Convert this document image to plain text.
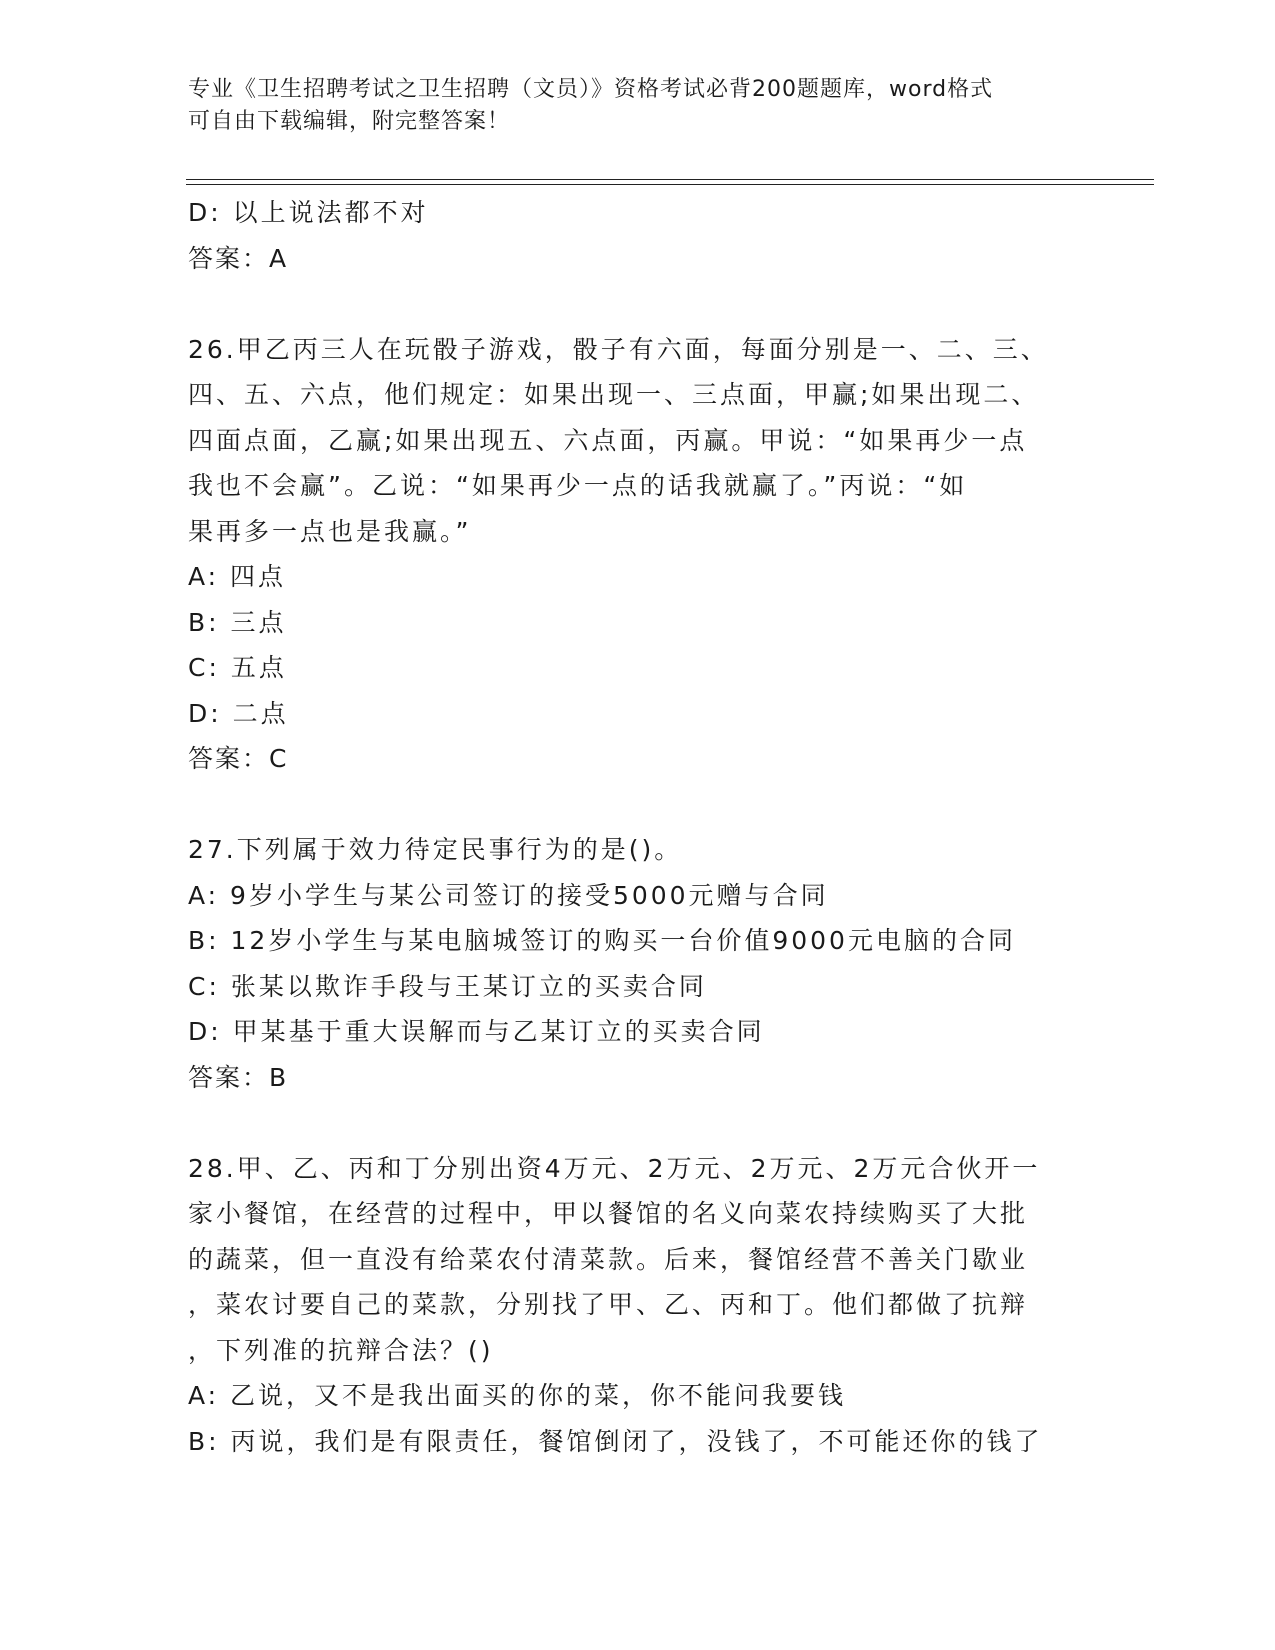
专业《卫生招聘考试之卫生招聘（文员）》资格考试必背200题题库，word格式
可自由下载编辑，附完整答案！
D: 以上说法都不对
答案：A
26.甲乙丙三人在玩骰子游戏，骰子有六面，每面分别是一、二、三、
四、五、六点，他们规定：如果出现一、三点面，甲赢;如果出现二、
四面点面，乙赢;如果出现五、六点面，丙赢。甲说：“如果再少一点
我也不会赢”。乙说：“如果再少一点的话我就赢了。”丙说：“如
果再多一点也是我赢。”
A: 四点
B: 三点
C: 五点
D: 二点
答案：C
27.下列属于效力待定民事行为的是()。
A: 9岁小学生与某公司签订的接受5000元赠与合同
B: 12岁小学生与某电脑城签订的购买一台价值9000元电脑的合同
C: 张某以欺诈手段与王某订立的买卖合同
D: 甲某基于重大误解而与乙某订立的买卖合同
答案：B
28.甲、乙、丙和丁分别出资4万元、2万元、2万元、2万元合伙开一
家小餐馆，在经营的过程中，甲以餐馆的名义向菜农持续购买了大批
的蔬菜，但一直没有给菜农付清菜款。后来，餐馆经营不善关门歇业
，菜农讨要自己的菜款，分别找了甲、乙、丙和丁。他们都做了抗辩
，下列准的抗辩合法？()
A: 乙说，又不是我出面买的你的菜，你不能问我要钱
B: 丙说，我们是有限责任，餐馆倒闭了，没钱了，不可能还你的钱了
